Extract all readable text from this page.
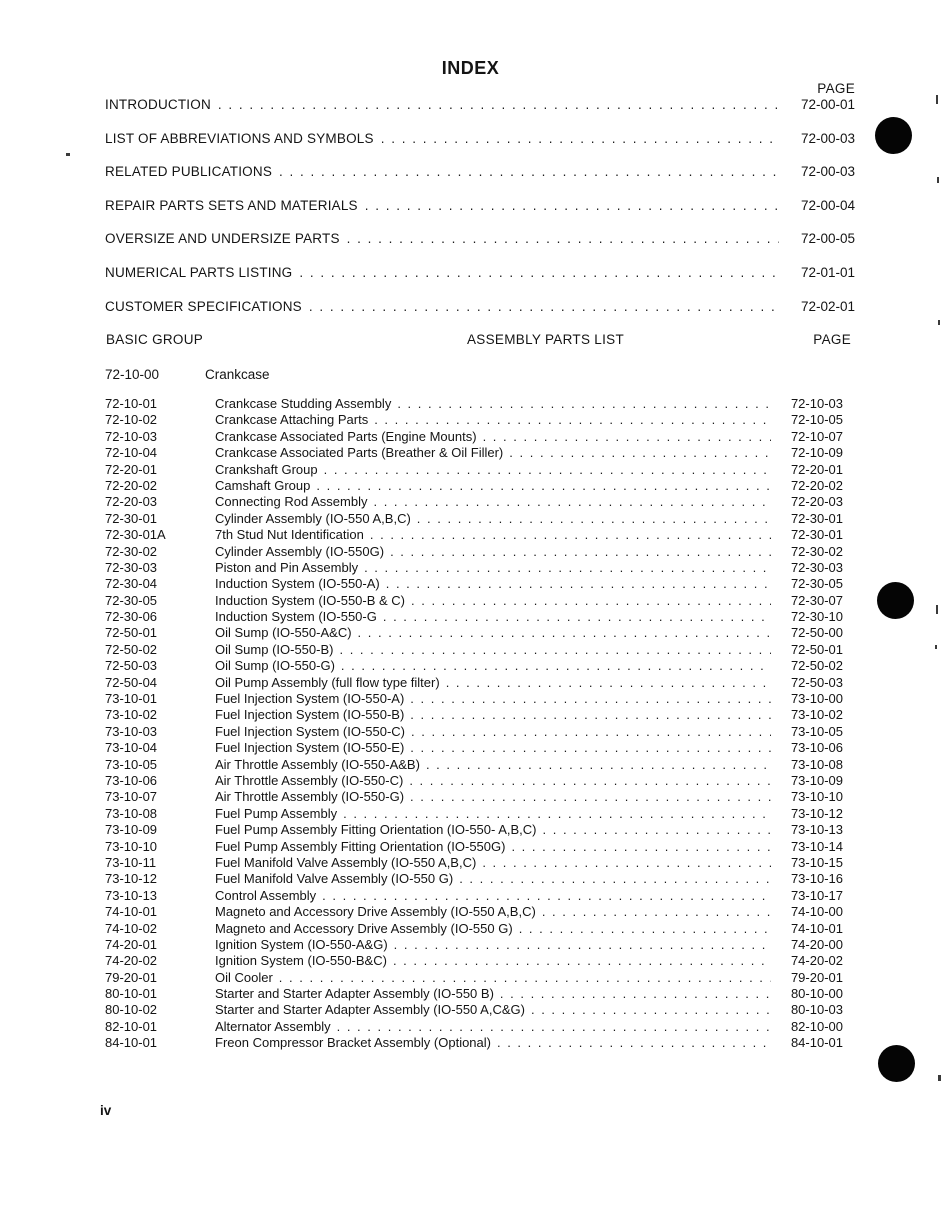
INDEX
PAGE
INTRODUCTION . . .	72-00-01
LIST OF ABBREVIATIONS AND SYMBOLS . . .	72-00-03
RELATED PUBLICATIONS . . .	72-00-03
REPAIR PARTS SETS AND MATERIALS . . .	72-00-04
OVERSIZE AND UNDERSIZE PARTS . . .	72-00-05
NUMERICAL PARTS LISTING . . .	72-01-01
CUSTOMER SPECIFICATIONS . . .	72-02-01
BASIC GROUP	ASSEMBLY PARTS LIST	PAGE
72-10-00	Crankcase
72-10-01	Crankcase Studding Assembly . . .	72-10-03
72-10-02	Crankcase Attaching Parts . . .	72-10-05
72-10-03	Crankcase Associated Parts (Engine Mounts) . . .	72-10-07
72-10-04	Crankcase Associated Parts (Breather & Oil Filler) . . .	72-10-09
72-20-01	Crankshaft Group . . .	72-20-01
72-20-02	Camshaft Group . . .	72-20-02
72-20-03	Connecting Rod Assembly . . .	72-20-03
72-30-01	Cylinder Assembly (IO-550 A,B,C) . . .	72-30-01
72-30-01A	7th Stud Nut Identification . . .	72-30-01
72-30-02	Cylinder Assembly (IO-550G) . . .	72-30-02
72-30-03	Piston and Pin Assembly . . .	72-30-03
72-30-04	Induction System (IO-550-A) . . .	72-30-05
72-30-05	Induction System (IO-550-B & C) . . .	72-30-07
72-30-06	Induction System (IO-550-G . . .	72-30-10
72-50-01	Oil Sump (IO-550-A&C) . . .	72-50-00
72-50-02	Oil Sump (IO-550-B) . . .	72-50-01
72-50-03	Oil Sump (IO-550-G) . . .	72-50-02
72-50-04	Oil Pump Assembly (full flow type filter) . . .	72-50-03
73-10-01	Fuel Injection System (IO-550-A) . . .	73-10-00
73-10-02	Fuel Injection System (IO-550-B) . . .	73-10-02
73-10-03	Fuel Injection System (IO-550-C) . . .	73-10-05
73-10-04	Fuel Injection System (IO-550-E) . . .	73-10-06
73-10-05	Air Throttle Assembly (IO-550-A&B) . . .	73-10-08
73-10-06	Air Throttle Assembly (IO-550-C) . . .	73-10-09
73-10-07	Air Throttle Assembly (IO-550-G) . . .	73-10-10
73-10-08	Fuel Pump Assembly . . .	73-10-12
73-10-09	Fuel Pump Assembly Fitting Orientation (IO-550- A,B,C) . . .	73-10-13
73-10-10	Fuel Pump Assembly Fitting Orientation (IO-550G) . . .	73-10-14
73-10-11	Fuel Manifold Valve Assembly (IO-550 A,B,C) . . .	73-10-15
73-10-12	Fuel Manifold Valve Assembly (IO-550 G) . . .	73-10-16
73-10-13	Control Assembly . . .	73-10-17
74-10-01	Magneto and Accessory Drive Assembly (IO-550 A,B,C) . . .	74-10-00
74-10-02	Magneto and Accessory Drive Assembly (IO-550 G) . . .	74-10-01
74-20-01	Ignition System (IO-550-A&G) . . .	74-20-00
74-20-02	Ignition System (IO-550-B&C) . . .	74-20-02
79-20-01	Oil Cooler . . .	79-20-01
80-10-01	Starter and Starter Adapter Assembly (IO-550 B) . . .	80-10-00
80-10-02	Starter and Starter Adapter Assembly (IO-550 A,C&G) . . .	80-10-03
82-10-01	Alternator Assembly . . .	82-10-00
84-10-01	Freon Compressor Bracket Assembly (Optional) . . .	84-10-01
iv
